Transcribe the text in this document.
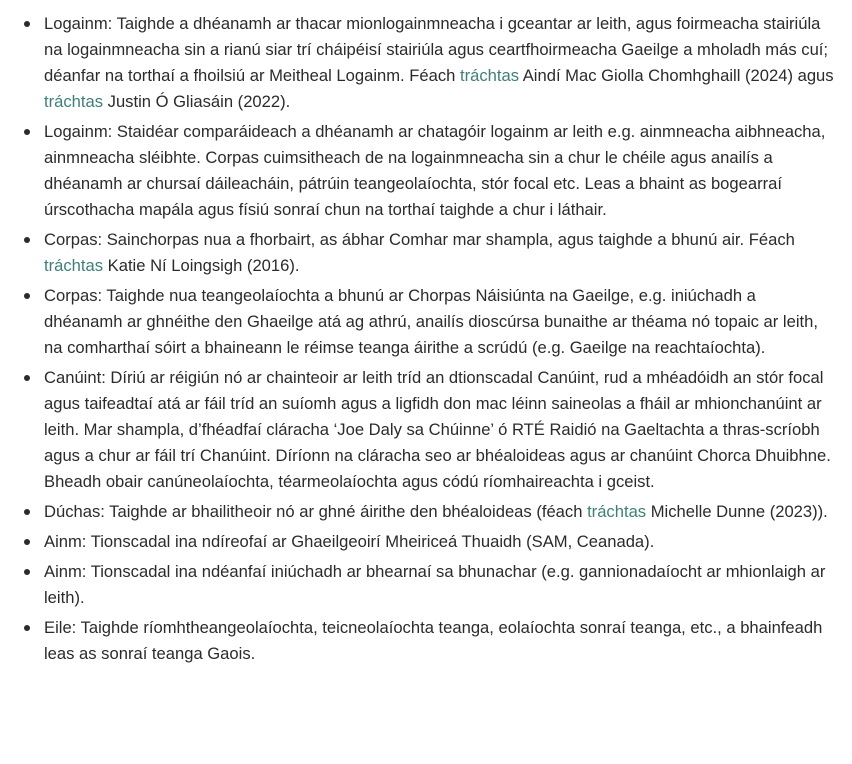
Logainm: Taighde a dhéanamh ar thacar mionlogainmneacha i gceantar ar leith, agus foirmeacha stairiúla na logainmneacha sin a rianú siar trí cháipéisí stairiúla agus ceartfhoirmeacha Gaeilge a mholadh más cuí; déanfar na torthaí a fhoilsiú ar Meitheal Logainm. Féach tráchtas Aindí Mac Giolla Chomhghaill (2024) agus tráchtas Justin Ó Gliasáin (2022).
Logainm: Staidéar comparáideach a dhéanamh ar chatagóir logainm ar leith e.g. ainmneacha aibhneacha, ainmneacha sléibhte. Corpas cuimsitheach de na logainmneacha sin a chur le chéile agus anailís a dhéanamh ar chursaí dáileacháin, pátrúin teangeolaíochta, stór focal etc. Leas a bhaint as bogearraí úrscothacha mapála agus físiú sonraí chun na torthaí taighde a chur i láthair.
Corpas: Sainchorpas nua a fhorbairt, as ábhar Comhar mar shampla, agus taighde a bhunú air. Féach tráchtas Katie Ní Loingsigh (2016).
Corpas: Taighde nua teangeolaíochta a bhunú ar Chorpas Náisiúnta na Gaeilge, e.g. iniúchadh a dhéanamh ar ghnéithe den Ghaeilge atá ag athrú, anailís dioscúrsa bunaithe ar théama nó topaic ar leith, na comharthaí sóirt a bhaineann le réimse teanga áirithe a scrúdú (e.g. Gaeilge na reachtaíochta).
Canúint: Díriú ar réigiún nó ar chainteoir ar leith tríd an dtionscadal Canúint, rud a mhéadóidh an stór focal agus taifeadtaí atá ar fáil tríd an suíomh agus a ligfidh don mac léinn saineolas a fháil ar mhionchanúint ar leith. Mar shampla, d’fhéadfaí cláracha ‘Joe Daly sa Chúinne’ ó RTÉ Raidió na Gaeltachta a thras-scríobh agus a chur ar fáil trí Chanúint. Díríonn na cláracha seo ar bhéaloideas agus ar chanúint Chorca Dhuibhne. Bheadh obair canúneolaíochta, téarmeolaíochta agus códú ríomhaireachta i gceist.
Dúchas: Taighde ar bhailitheoir nó ar ghné áirithe den bhéaloideas (féach tráchtas Michelle Dunne (2023)).
Ainm: Tionscadal ina ndíreofaí ar Ghaeilgeoirí Mheiriceá Thuaidh (SAM, Ceanada).
Ainm: Tionscadal ina ndéanfaí iniúchadh ar bhearnaí sa bhunachar (e.g. gannionadaíocht ar mhionlaigh ar leith).
Eile: Taighde ríomhtheangeolaíochta, teicneolaíochta teanga, eolaíochta sonraí teanga, etc., a bhainfeadh leas as sonraí teanga Gaois.
